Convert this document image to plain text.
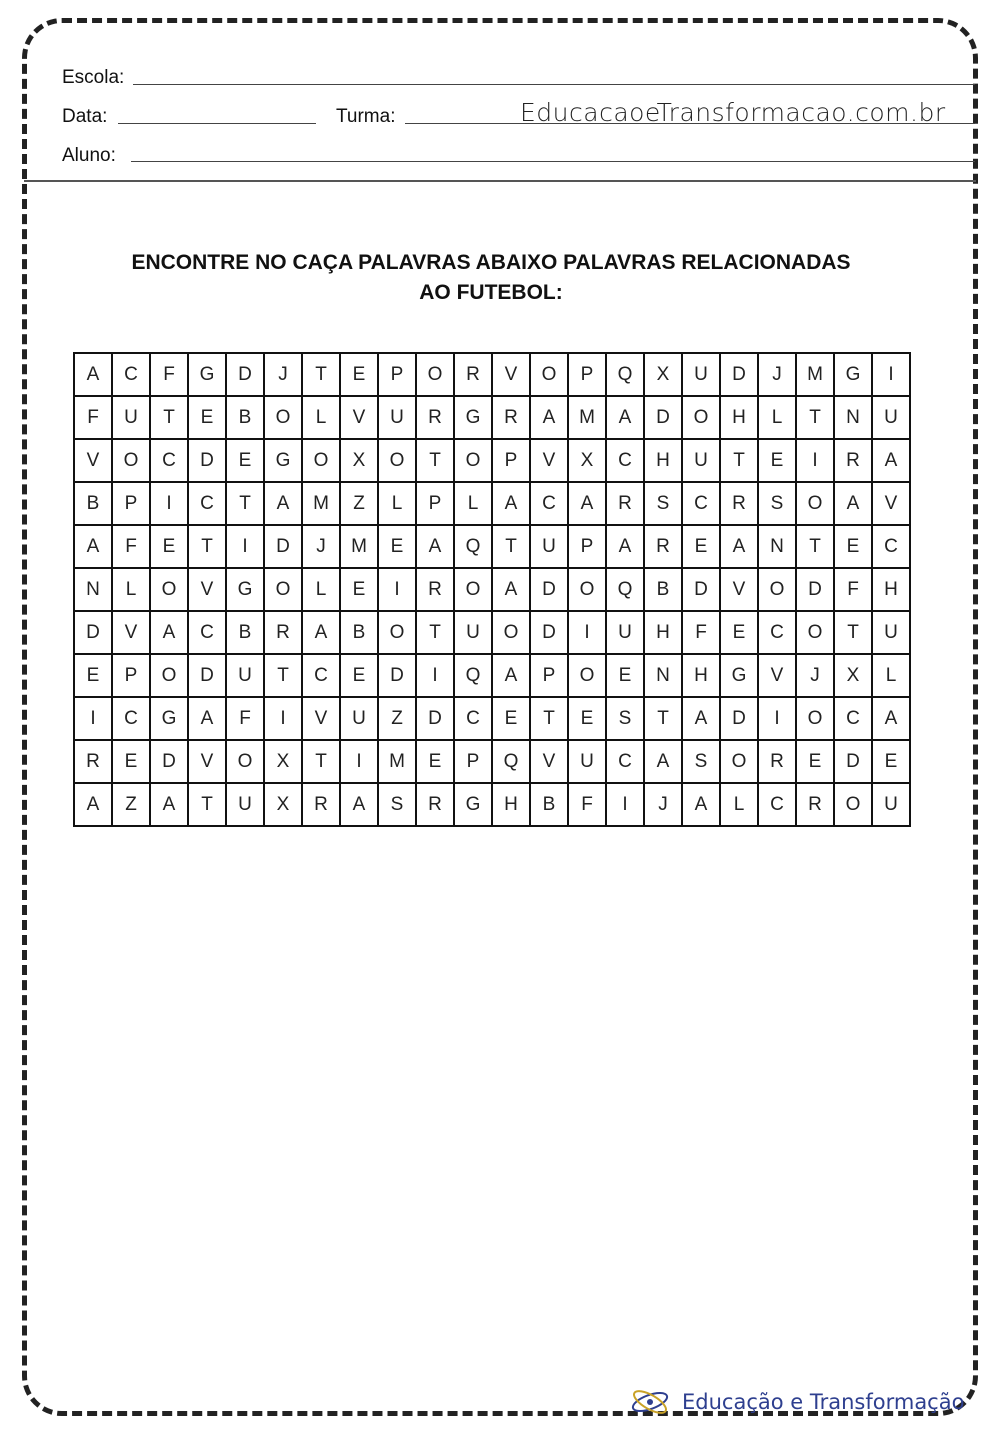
Escola:
Data:	Turma:	EducacaoeTransformacao.com.br
Aluno:
ENCONTRE NO CAÇA PALAVRAS ABAIXO PALAVRAS RELACIONADAS
AO FUTEBOL:
A	C	F	G	D	J	T	E	P	O	R	V	O	P	Q	X	U	D	J	M	G	I
F	U	T	E	B	O	L	V	U	R	G	R	A	M	A	D	O	H	L	T	N	U
V	O	C	D	E	G	O	X	O	T	O	P	V	X	C	H	U	T	E	I	R	A
B	P	I	C	T	A	M	Z	L	P	L	A	C	A	R	S	C	R	S	O	A	V
A	F	E	T	I	D	J	M	E	A	Q	T	U	P	A	R	E	A	N	T	E	C
N	L	O	V	G	O	L	E	I	R	O	A	D	O	Q	B	D	V	O	D	F	H
D	V	A	C	B	R	A	B	O	T	U	O	D	I	U	H	F	E	C	O	T	U
E	P	O	D	U	T	C	E	D	I	Q	A	P	O	E	N	H	G	V	J	X	L
I	C	G	A	F	I	V	U	Z	D	C	E	T	E	S	T	A	D	I	O	C	A
R	E	D	V	O	X	T	I	M	E	P	Q	V	U	C	A	S	O	R	E	D	E
A	Z	A	T	U	X	R	A	S	R	G	H	B	F	I	J	A	L	C	R	O	U
Educação e Transformação
